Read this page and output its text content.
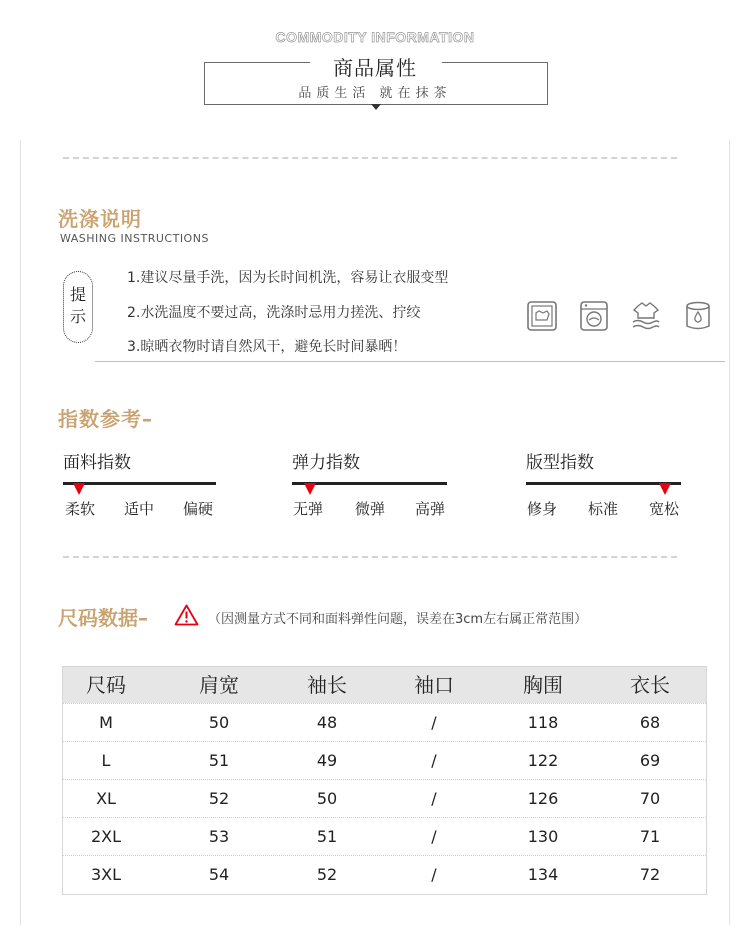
COMMODITY INFORMATION
商品属性
品质生活 就在抹茶
洗涤说明
WASHING INSTRUCTIONS
提
示
1.建议尽量手洗，因为长时间机洗，容易让衣服变型
2.水洗温度不要过高，洗涤时忌用力搓洗、拧绞
3.晾晒衣物时请自然风干，避免长时间暴晒！
指数参考–
面料指数
柔软 适中 偏硬
弹力指数
无弹 微弹 高弹
版型指数
修身 标准 宽松
尺码数据–	（因测量方式不同和面料弹性问题，误差在3cm左右属正常范围）
尺码	肩宽	袖长	袖口	胸围	衣长
M	50	48	/	118	68
L	51	49	/	122	69
XL	52	50	/	126	70
2XL	53	51	/	130	71
3XL	54	52	/	134	72
